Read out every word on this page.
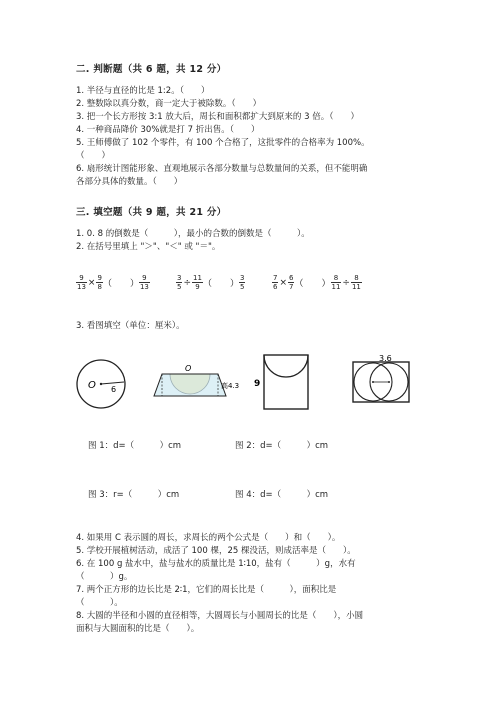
二. 判断题（共 6 题，共 12 分）
1. 半径与直径的比是 1:2。（　　）
2. 整数除以真分数，商一定大于被除数。（　　）
3. 把一个长方形按 3:1 放大后，周长和面积都扩大到原来的 3 倍。（　　）
4. 一种商品降价 30%就是打 7 折出售。（　　）
5. 王师傅做了 102 个零件，有 100 个合格了，这批零件的合格率为 100%。
（　　）
6. 扇形统计图能形象、直观地展示各部分数量与总数量间的关系，但不能明确
各部分具体的数量。（　　）
三. 填空题（共 9 题，共 21 分）
1. 0. 8 的倒数是（　　　），最小的合数的倒数是（　　　）。
2. 在括号里填上 "＞"、"＜" 或 "＝"。
$\frac{9}{13} \times \frac{9}{8}$ （　　） $\frac{9}{13}$	$\frac{3}{5} \div \frac{11}{9}$ （　　） $\frac{3}{5}$	$\frac{7}{6} \times \frac{6}{7}$ （　　） $\frac{8}{11} \div \frac{8}{11}$
3. 看图填空（单位：厘米）。
O 6
O
高4.3 9
3.6
图 1：d=（　　　）cm	图 2：d=（　　　）cm
图 3：r=（　　　）cm	图 4：d=（　　　）cm
4. 如果用 C 表示圆的周长，求周长的两个公式是（　　）和（　　）。
5. 学校开展植树活动，成活了 100 棵，25 棵没活，则成活率是（　　）。
6. 在 100 g 盐水中，盐与盐水的质量比是 1∶10，盐有（　　　）g，水有
（　　　）g。
7. 两个正方形的边长比是 2∶1，它们的周长比是（　　　），面积比是
（　　　）。
8. 大圆的半径和小圆的直径相等，大圆周长与小圆周长的比是（　　），小圆
面积与大圆面积的比是（　　）。
